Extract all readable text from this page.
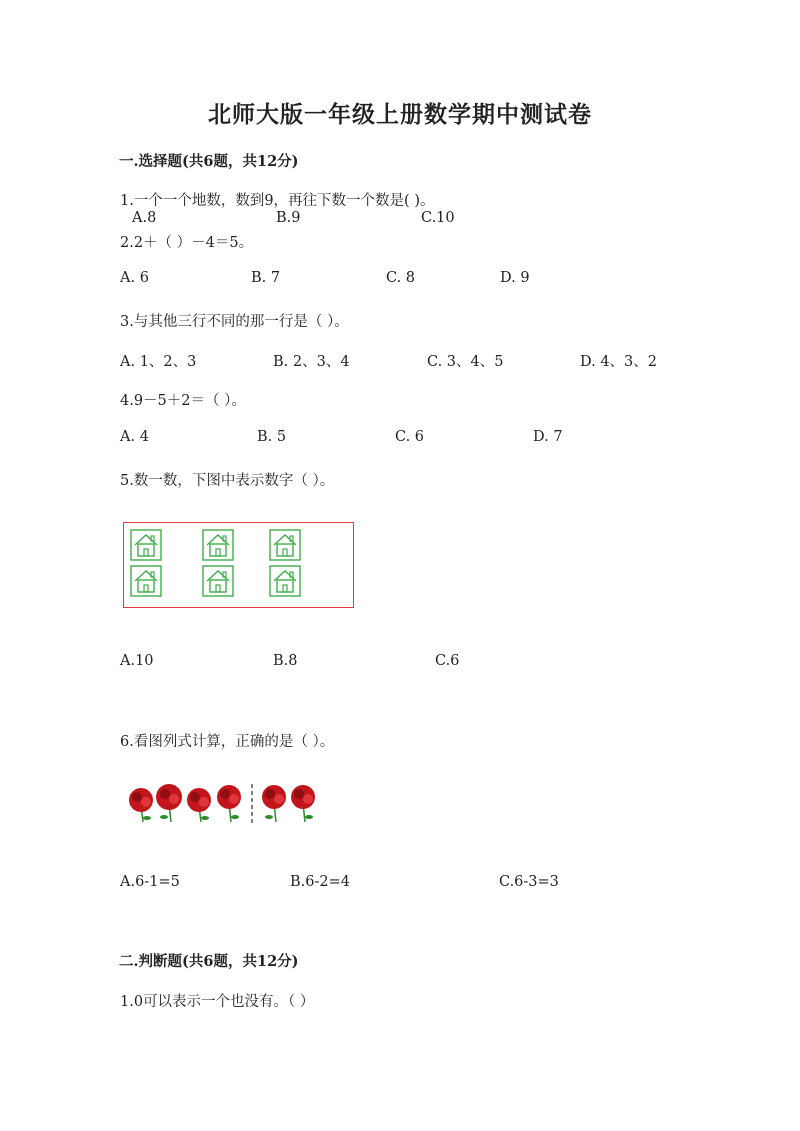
北师大版一年级上册数学期中测试卷
一.选择题(共6题，共12分)
1.一个一个地数，数到9，再往下数一个数是( )。
A.8	B.9	C.10
2.2＋（ ）－4＝5。
A. 6	B. 7	C. 8	D. 9
3.与其他三行不同的那一行是（ ）。
A. 1、2、3	B. 2、3、4	C. 3、4、5	D. 4、3、2
4.9－5＋2＝（ ）。
A. 4	B. 5	C. 6	D. 7
5.数一数，下图中表示数字（ ）。
A.10	B.8	C.6
6.看图列式计算，正确的是（ ）。
A.6-1=5	B.6-2=4	C.6-3=3
二.判断题(共6题，共12分)
1.0可以表示一个也没有。（ ）
